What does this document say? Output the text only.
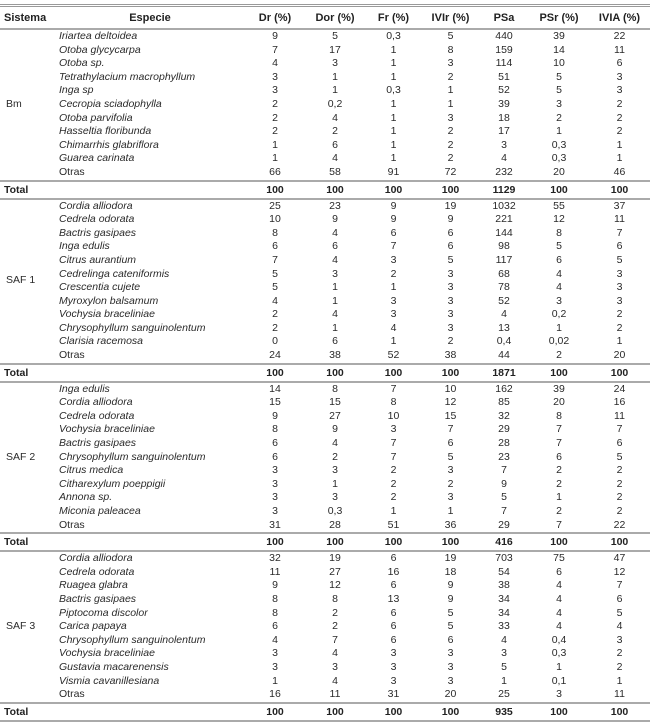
Sistema	Especie	Dr (%)	Dor (%)	Fr (%)	IVIr (%)	PSa	PSr (%)	IVIA (%)
Bm	Iriartea deltoidea	9	5	0,3	5	440	39	22
	Otoba glycycarpa	7	17	1	8	159	14	11
	Otoba sp.	4	3	1	3	114	10	6
	Tetrathylacium macrophyllum	3	1	1	2	51	5	3
	Inga sp	3	1	0,3	1	52	5	3
	Cecropia sciadophylla	2	0,2	1	1	39	3	2
	Otoba parvifolia	2	4	1	3	18	2	2
	Hasseltia floribunda	2	2	1	2	17	1	2
	Chimarrhis glabriflora	1	6	1	2	3	0,3	1
	Guarea carinata	1	4	1	2	4	0,3	1
	Otras	66	58	91	72	232	20	46
Total		100	100	100	100	1129	100	100
SAF 1	Cordia alliodora	25	23	9	19	1032	55	37
	Cedrela odorata	10	9	9	9	221	12	11
	Bactris gasipaes	8	4	6	6	144	8	7
	Inga edulis	6	6	7	6	98	5	6
	Citrus aurantium	7	4	3	5	117	6	5
	Cedrelinga cateniformis	5	3	2	3	68	4	3
	Crescentia cujete	5	1	1	3	78	4	3
	Myroxylon balsamum	4	1	3	3	52	3	3
	Vochysia braceliniae	2	4	3	3	4	0,2	2
	Chrysophyllum sanguinolentum	2	1	4	3	13	1	2
	Clarisia racemosa	0	6	1	2	0,4	0,02	1
	Otras	24	38	52	38	44	2	20
Total		100	100	100	100	1871	100	100
SAF 2	Inga edulis	14	8	7	10	162	39	24
	Cordia alliodora	15	15	8	12	85	20	16
	Cedrela odorata	9	27	10	15	32	8	11
	Vochysia braceliniae	8	9	3	7	29	7	7
	Bactris gasipaes	6	4	7	6	28	7	6
	Chrysophyllum sanguinolentum	6	2	7	5	23	6	5
	Citrus medica	3	3	2	3	7	2	2
	Citharexylum poeppigii	3	1	2	2	9	2	2
	Annona sp.	3	3	2	3	5	1	2
	Miconia paleacea	3	0,3	1	1	7	2	2
	Otras	31	28	51	36	29	7	22
Total		100	100	100	100	416	100	100
SAF 3	Cordia alliodora	32	19	6	19	703	75	47
	Cedrela odorata	11	27	16	18	54	6	12
	Ruagea glabra	9	12	6	9	38	4	7
	Bactris gasipaes	8	8	13	9	34	4	6
	Piptocoma discolor	8	2	6	5	34	4	5
	Carica papaya	6	2	6	5	33	4	4
	Chrysophyllum sanguinolentum	4	7	6	6	4	0,4	3
	Vochysia braceliniae	3	4	3	3	3	0,3	2
	Gustavia macarenensis	3	3	3	3	5	1	2
	Vismia cavanillesiana	1	4	3	3	1	0,1	1
	Otras	16	11	31	20	25	3	11
Total		100	100	100	100	935	100	100
